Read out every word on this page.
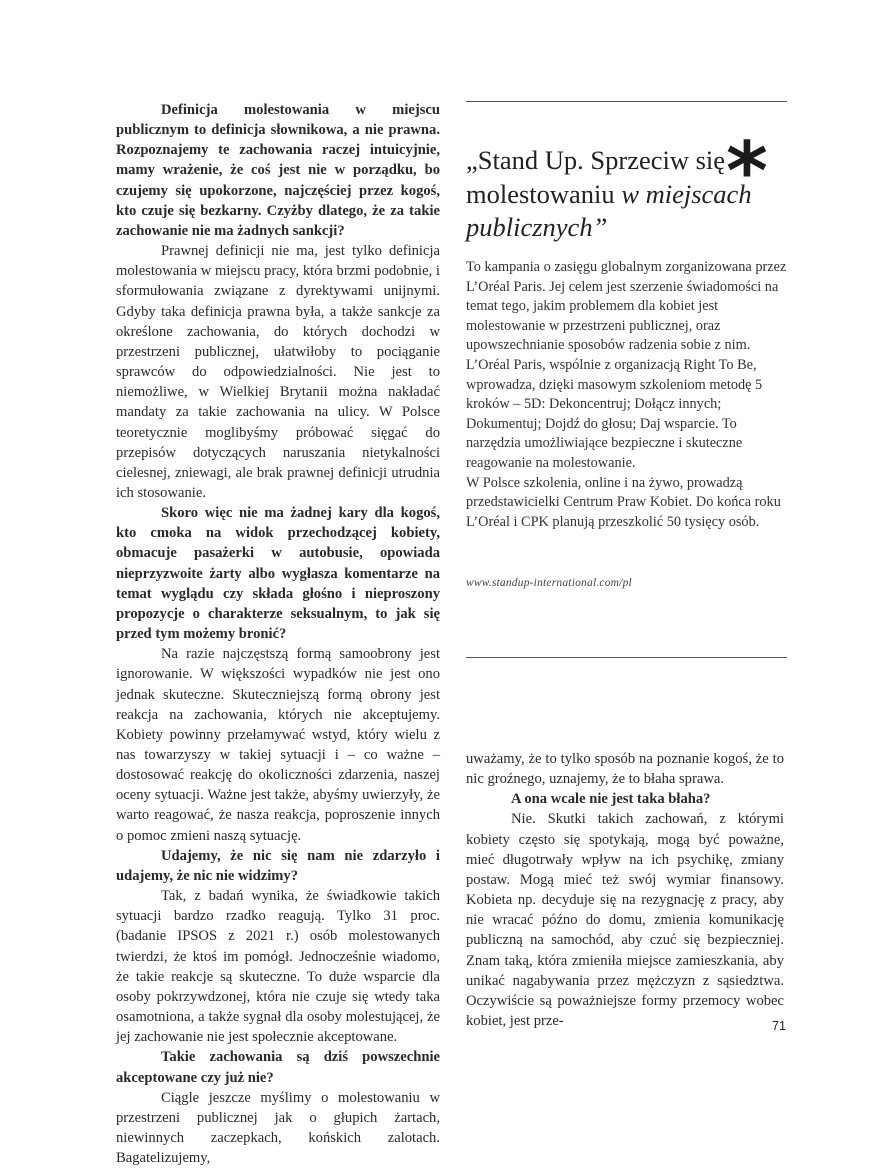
Definicja molestowania w miejscu publicznym to definicja słownikowa, a nie prawna. Rozpoznajemy te zachowania raczej intuicyjnie, mamy wrażenie, że coś jest nie w porządku, bo czujemy się upokorzone, najczęściej przez kogoś, kto czuje się bezkarny. Czyżby dlatego, że za takie zachowanie nie ma żadnych sankcji?

Prawnej definicji nie ma, jest tylko definicja molestowania w miejscu pracy, która brzmi podobnie, i sformułowania związane z dyrektywami unijnymi. Gdyby taka definicja prawna była, a także sankcje za określone zachowania, do których dochodzi w przestrzeni publicznej, ułatwiłoby to pociąganie sprawców do odpowiedzialności. Nie jest to niemożliwe, w Wielkiej Brytanii można nakładać mandaty za takie zachowania na ulicy. W Polsce teoretycznie moglibyśmy próbować sięgać do przepisów dotyczących naruszania nietykalności cielesnej, zniewagi, ale brak prawnej definicji utrudnia ich stosowanie.

Skoro więc nie ma żadnej kary dla kogoś, kto cmoka na widok przechodzącej kobiety, obmacuje pasażerki w autobusie, opowiada nieprzyzwoite żarty albo wygłasza komentarze na temat wyglądu czy składa głośno i nieproszony propozycje o charakterze seksualnym, to jak się przed tym możemy bronić?

Na razie najczęstszą formą samoobrony jest ignorowanie. W większości wypadków nie jest ono jednak skuteczne. Skuteczniejszą formą obrony jest reakcja na zachowania, których nie akceptujemy. Kobiety powinny przełamywać wstyd, który wielu z nas towarzyszy w takiej sytuacji i – co ważne – dostosować reakcję do okoliczności zdarzenia, naszej oceny sytuacji. Ważne jest także, abyśmy uwierzyły, że warto reagować, że nasza reakcja, poproszenie innych o pomoc zmieni naszą sytuację.

Udajemy, że nic się nam nie zdarzyło i udajemy, że nic nie widzimy?

Tak, z badań wynika, że świadkowie takich sytuacji bardzo rzadko reagują. Tylko 31 proc. (badanie IPSOS z 2021 r.) osób molestowanych twierdzi, że ktoś im pomógł. Jednocześnie wiadomo, że takie reakcje są skuteczne. To duże wsparcie dla osoby pokrzywdzonej, która nie czuje się wtedy taka osamotniona, a także sygnał dla osoby molestującej, że jej zachowanie nie jest społecznie akceptowane.

Takie zachowania są dziś powszechnie akceptowane czy już nie?

Ciągle jeszcze myślimy o molestowaniu w przestrzeni publicznej jak o głupich żartach, niewinnych zaczepkach, końskich zalotach. Bagatelizujemy,

„Stand Up. Sprzeciw się molestowaniu w miejscach publicznych”
*

To kampania o zasięgu globalnym zorganizowana przez L’Oréal Paris. Jej celem jest szerzenie świadomości na temat tego, jakim problemem dla kobiet jest molestowanie w przestrzeni publicznej, oraz upowszechnianie sposobów radzenia sobie z nim.

L’Oréal Paris, wspólnie z organizacją Right To Be, wprowadza, dzięki masowym szkoleniom metodę 5 kroków – 5D: Dekoncentruj; Dołącz innych; Dokumentuj; Dojdź do głosu; Daj wsparcie. To narzędzia umożliwiające bezpieczne i skuteczne reagowanie na molestowanie.

W Polsce szkolenia, online i na żywo, prowadzą przedstawicielki Centrum Praw Kobiet. Do końca roku L’Oréal i CPK planują przeszkolić 50 tysięcy osób.

www.standup-international.com/pl

uważamy, że to tylko sposób na poznanie kogoś, że to nic groźnego, uznajemy, że to błaha sprawa.

A ona wcale nie jest taka błaha?

Nie. Skutki takich zachowań, z którymi kobiety często się spotykają, mogą być poważne, mieć długotrwały wpływ na ich psychikę, zmiany postaw. Mogą mieć też swój wymiar finansowy. Kobieta np. decyduje się na rezygnację z pracy, aby nie wracać późno do domu, zmienia komunikację publiczną na samochód, aby czuć się bezpieczniej. Znam taką, która zmieniła miejsce zamieszkania, aby unikać nagabywania przez mężczyzn z sąsiedztwa. Oczywiście są poważniejsze formy przemocy wobec kobiet, jest prze-	71
